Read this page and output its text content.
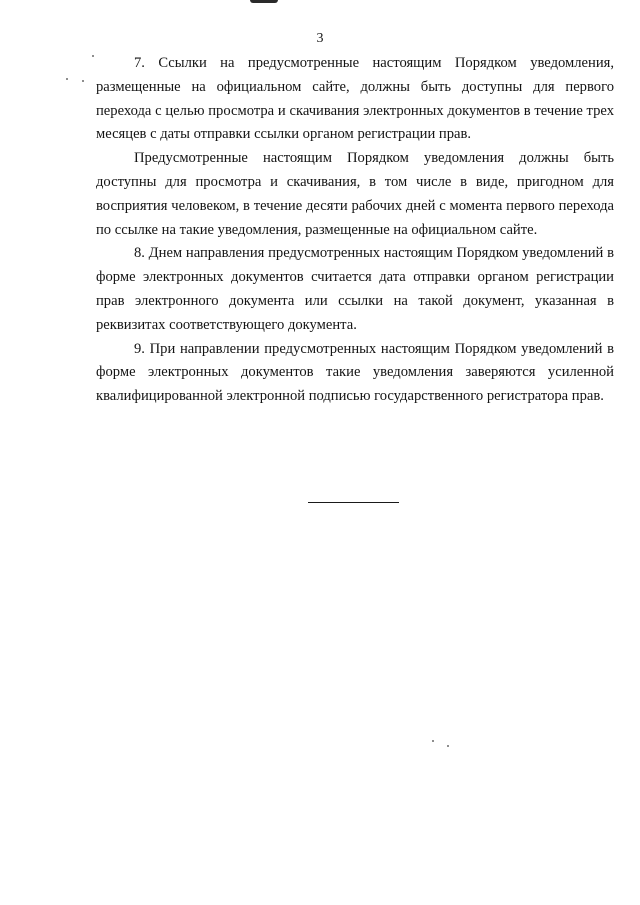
3

7. Ссылки на предусмотренные настоящим Порядком уведомления, размещенные на официальном сайте, должны быть доступны для первого перехода с целью просмотра и скачивания электронных документов в течение трех месяцев с даты отправки ссылки органом регистрации прав.

Предусмотренные настоящим Порядком уведомления должны быть доступны для просмотра и скачивания, в том числе в виде, пригодном для восприятия человеком, в течение десяти рабочих дней с момента первого перехода по ссылке на такие уведомления, размещенные на официальном сайте.

8. Днем направления предусмотренных настоящим Порядком уведомлений в форме электронных документов считается дата отправки органом регистрации прав электронного документа или ссылки на такой документ, указанная в реквизитах соответствующего документа.

9. При направлении предусмотренных настоящим Порядком уведомлений в форме электронных документов такие уведомления заверяются усиленной квалифицированной электронной подписью государственного регистратора прав.
